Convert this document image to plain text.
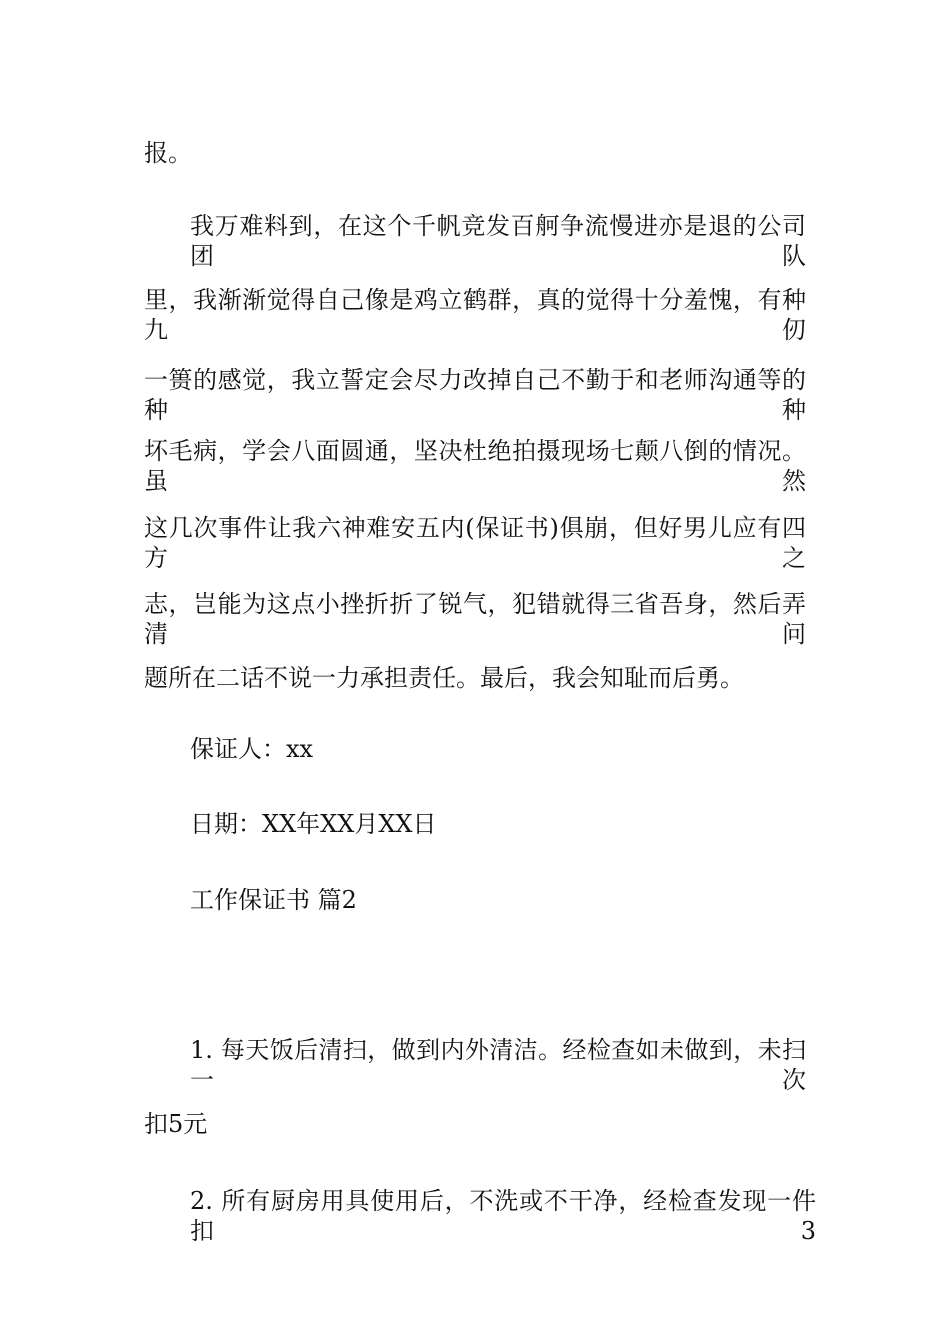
报。
我万难料到，在这个千帆竞发百舸争流慢进亦是退的公司团队
里，我渐渐觉得自己像是鸡立鹤群，真的觉得十分羞愧，有种九仞
一篑的感觉，我立誓定会尽力改掉自己不勤于和老师沟通等的种种
坏毛病，学会八面圆通，坚决杜绝拍摄现场七颠八倒的情况。虽然
这几次事件让我六神难安五内(保证书)俱崩，但好男儿应有四方之
志，岂能为这点小挫折折了锐气，犯错就得三省吾身，然后弄清问
题所在二话不说一力承担责任。最后，我会知耻而后勇。
保证人：xx
日期：XX年XX月XX日
工作保证书 篇2
1. 每天饭后清扫，做到内外清洁。经检查如未做到，未扫一次
扣5元
2. 所有厨房用具使用后，不洗或不干净，经检查发现一件扣3
